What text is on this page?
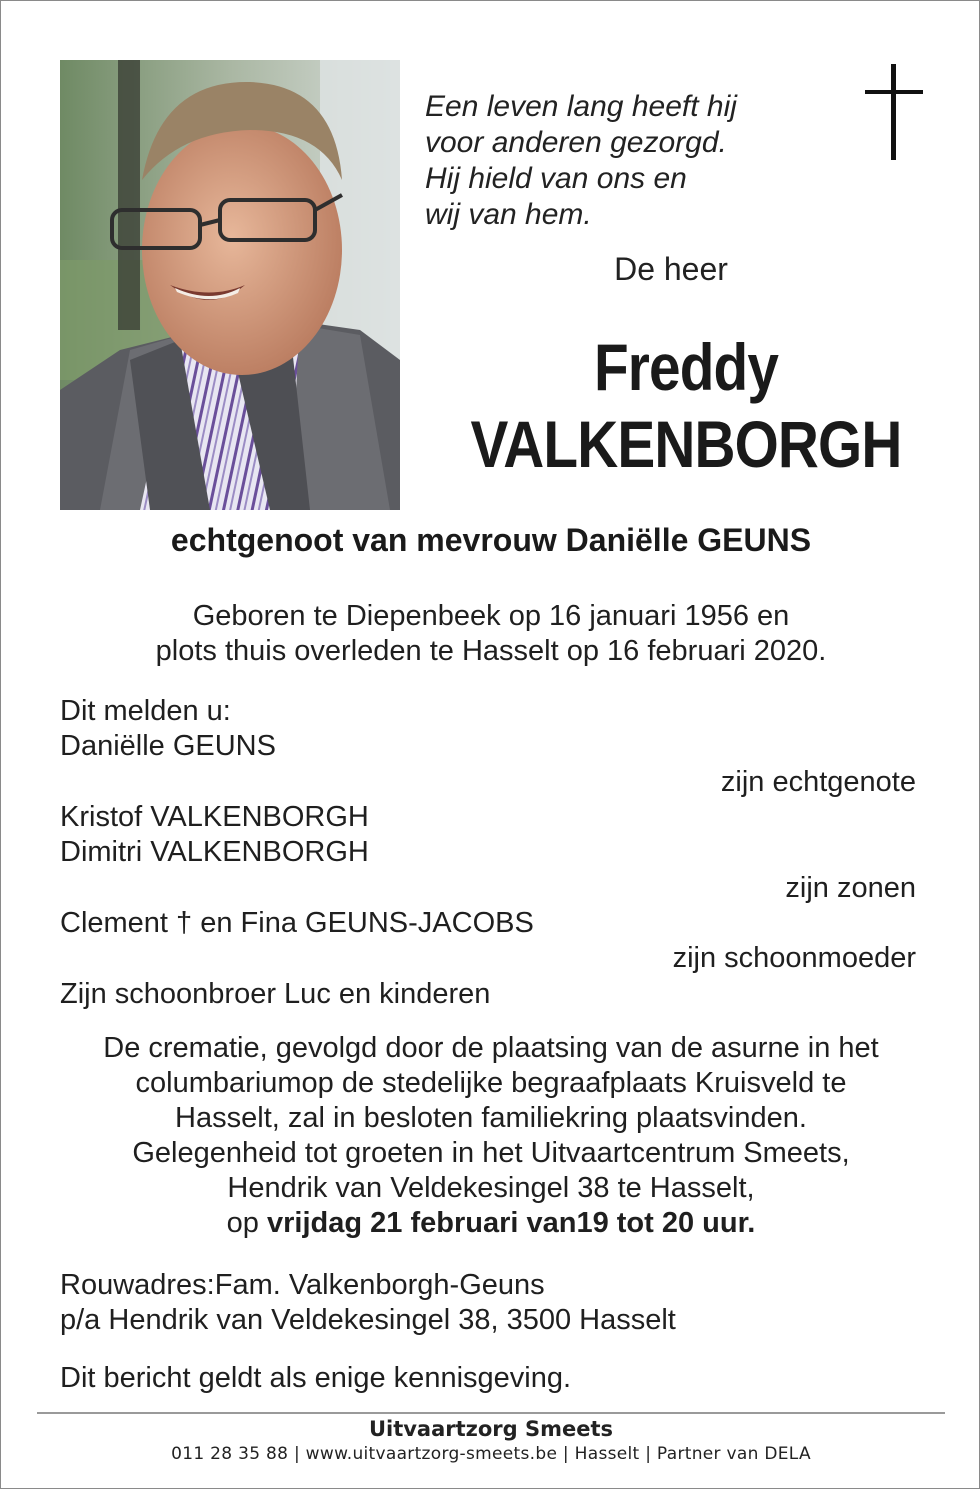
Een leven lang heeft hij
voor anderen gezorgd.
Hij hield van ons en
wij van hem.
De heer
Freddy
VALKENBORGH
echtgenoot van mevrouw Daniëlle GEUNS
Geboren te Diepenbeek op 16 januari 1956 en
plots thuis overleden te Hasselt op 16 februari 2020.
Dit melden u:
Daniëlle GEUNS
zijn echtgenote
Kristof VALKENBORGH
Dimitri VALKENBORGH
zijn zonen
Clement † en Fina GEUNS-JACOBS
zijn schoonmoeder
Zijn schoonbroer Luc en kinderen
De crematie, gevolgd door de plaatsing van de asurne in het
columbariumop de stedelijke begraafplaats Kruisveld te
Hasselt, zal in besloten familiekring plaatsvinden.
Gelegenheid tot groeten in het Uitvaartcentrum Smeets,
Hendrik van Veldekesingel 38 te Hasselt,
op vrijdag 21 februari van19 tot 20 uur.
Rouwadres:Fam. Valkenborgh-Geuns
p/a Hendrik van Veldekesingel 38, 3500 Hasselt
Dit bericht geldt als enige kennisgeving.
Uitvaartzorg Smeets
011 28 35 88 | www.uitvaartzorg-smeets.be | Hasselt | Partner van DELA
